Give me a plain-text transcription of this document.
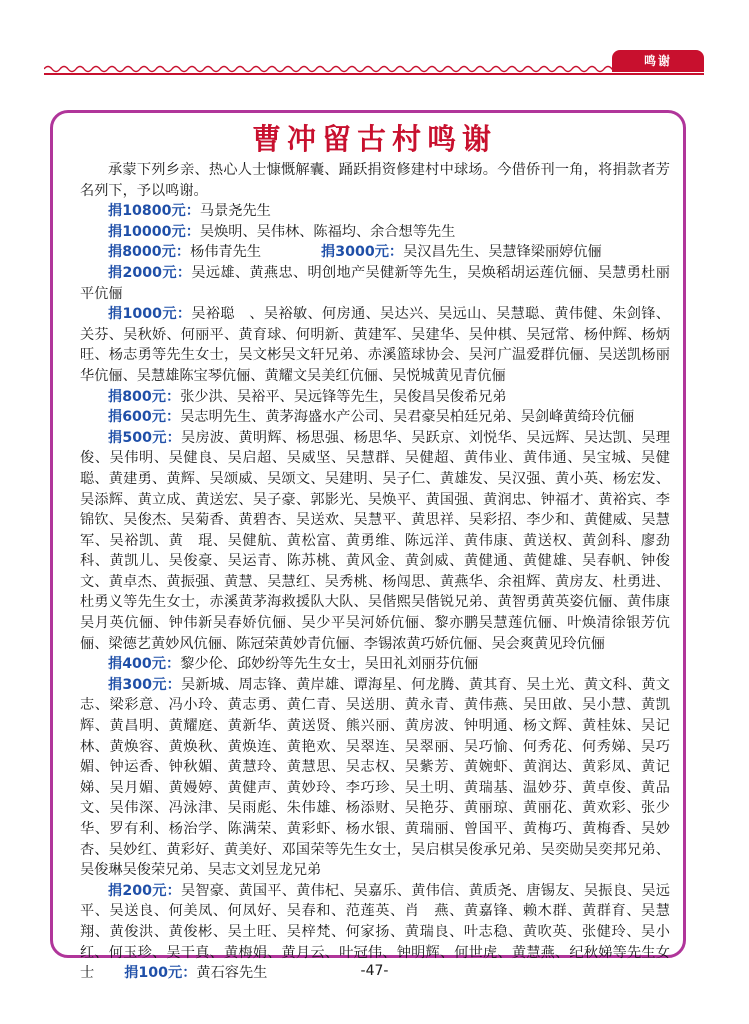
鸣谢
曹冲留古村鸣谢

承蒙下列乡亲、热心人士慷慨解囊、踊跃捐资修建村中球场。今借侨刊一角，将捐款者芳名列下，予以鸣谢。

捐10800元：马景尧先生

捐10000元：吴焕明、吴伟林、陈福均、余合想等先生

捐8000元：杨伟青先生	捐3000元：吴汉昌先生、吴慧锋梁丽婷伉俪

捐2000元：吴远雄、黄燕忠、明创地产吴健新等先生，吴焕稻胡运莲伉俪、吴慧勇杜丽平伉俪

捐1000元：吴裕聪　、吴裕敏、何房通、吴达兴、吴远山、吴慧聪、黄伟健、朱剑锋、关芬、吴秋娇、何丽平、黄育球、何明新、黄建军、吴建华、吴仲棋、吴冠常、杨仲辉、杨炳旺、杨志勇等先生女士，吴文彬吴文轩兄弟、赤溪篮球协会、吴河广温爱群伉俪、吴送凯杨丽华伉俪、吴慧雄陈宝琴伉俪、黄耀文吴美红伉俪、吴悦城黄见青伉俪

捐800元：张少洪、吴裕平、吴远锋等先生，吴俊昌吴俊希兄弟

捐600元：吴志明先生、黄茅海盛水产公司、吴君豪吴柏廷兄弟、吴剑峰黄绮玲伉俪

捐500元：吴房波、黄明辉、杨思强、杨思华、吴跃京、刘悦华、吴远辉、吴达凯、吴理俊、吴伟明、吴健良、吴启超、吴威坚、吴慧群、吴健超、黄伟业、黄伟通、吴宝城、吴健聪、黄建勇、黄辉、吴颂威、吴颂文、吴建明、吴子仁、黄雄发、吴汉强、黄小英、杨宏发、吴添辉、黄立成、黄送宏、吴子豪、郭影光、吴焕平、黄国强、黄润忠、钟福才、黄裕宾、李锦钦、吴俊杰、吴菊香、黄碧杏、吴送欢、吴慧平、黄思祥、吴彩招、李少和、黄健威、吴慧军、吴裕凯、黄　琨、吴健航、黄松富、黄勇维、陈远洋、黄伟康、黄送权、黄剑科、廖劲科、黄凯儿、吴俊豪、吴运青、陈苏桃、黄风金、黄剑威、黄健通、黄健雄、吴春帆、钟俊文、黄卓杰、黄振强、黄慧、吴慧红、吴秀桃、杨闯思、黄燕华、余祖辉、黄房友、杜勇进、杜勇义等先生女士，赤溪黄茅海救援队大队、吴偕熙吴偕锐兄弟、黄智勇黄英姿伉俪、黄伟康吴月英伉俪、钟伟新吴春娇伉俪、吴少平吴河娇伉俪、黎亦鹏吴慧莲伉俪、叶焕清徐银芳伉俪、梁德艺黄妙风伉俪、陈冠荣黄妙青伉俪、李锡浓黄巧娇伉俪、吴会爽黄见玲伉俪

捐400元：黎少伦、邱妙纷等先生女士，吴田礼刘丽芬伉俪

捐300元：吴新城、周志锋、黄岸雄、谭海星、何龙腾、黄其育、吴土光、黄文科、黄文志、梁彩意、冯小玲、黄志勇、黄仁青、吴送朋、黄永青、黄伟燕、吴田啟、吴小慧、黄凯辉、黄昌明、黄耀庭、黄新华、黄送贤、熊兴丽、黄房波、钟明通、杨文辉、黄桂妹、吴记林、黄焕容、黄焕秋、黄焕连、黄艳欢、吴翠连、吴翠丽、吴巧愉、何秀花、何秀娣、吴巧媚、钟运香、钟秋媚、黄慧玲、黄慧思、吴志权、吴紫芳、黄婉虾、黄润达、黄彩凤、黄记娣、吴月媚、黄嫚婷、黄健声、黄妙玲、李巧珍、吴土明、黄瑞基、温妙芬、黄卓俊、黄品文、吴伟深、冯泳津、吴雨彪、朱伟雄、杨添财、吴艳芬、黄丽琼、黄丽花、黄欢彩、张少华、罗有利、杨治学、陈满荣、黄彩虾、杨水银、黄瑞丽、曾国平、黄梅巧、黄梅香、吴妙杏、吴妙红、黄彩好、黄美好、邓国荣等先生女士，吴启棋吴俊承兄弟、吴奕勋吴奕邦兄弟、吴俊琳吴俊荣兄弟、吴志文刘昱龙兄弟

捐200元：吴智豪、黄国平、黄伟杞、吴嘉乐、黄伟信、黄质尧、唐锡友、吴振良、吴远平、吴送良、何美凤、何凤好、吴春和、范莲英、肖　燕、黄嘉锋、赖木群、黄群育、吴慧翔、黄俊洪、黄俊彬、吴土旺、吴梓梵、何家扬、黄瑞良、叶志稳、黄吹英、张健玲、吴小红、何玉珍、吴干真、黄梅娟、黄月云、叶冠伟、钟明辉、何世虎、黄慧燕、纪秋娣等先生女士 捐100元：黄石容先生	-47-
